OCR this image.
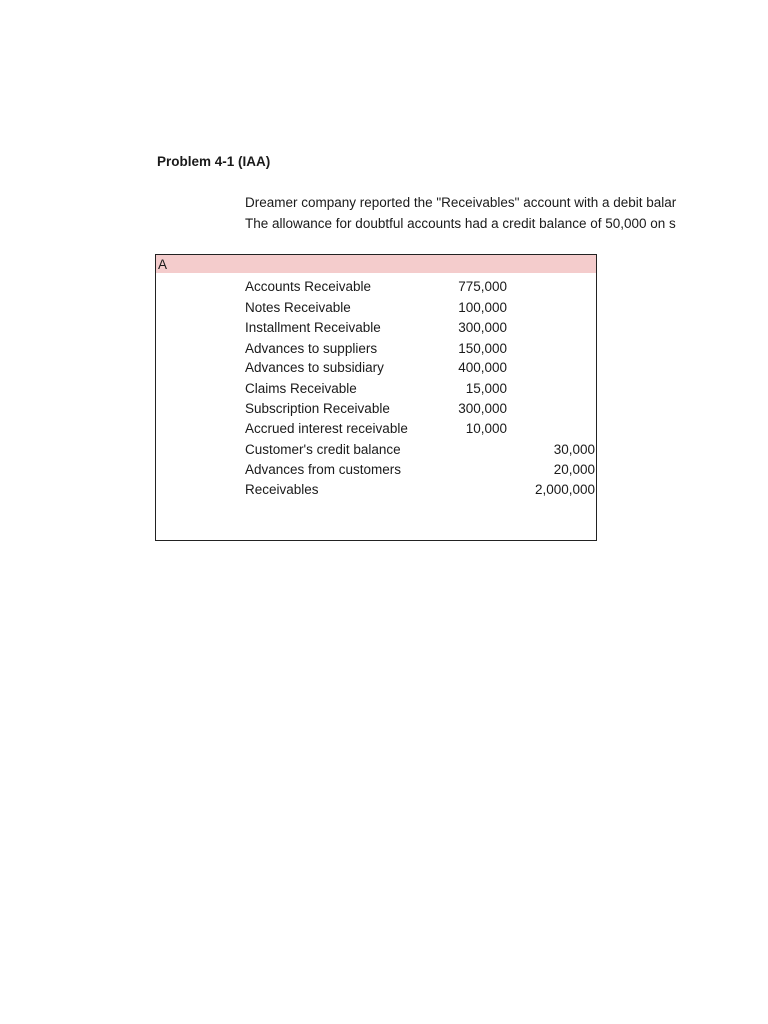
Problem 4-1 (IAA)
Dreamer company reported the "Receivables" account with a debit balar
The allowance for doubtful accounts had a credit balance of 50,000 on s
A
Accounts Receivable	775,000
Notes Receivable	100,000
Installment Receivable	300,000
Advances to suppliers	150,000
Advances to subsidiary	400,000
Claims Receivable	15,000
Subscription Receivable	300,000
Accrued interest receivable	10,000
Customer's credit balance	30,000
Advances from customers	20,000
Receivables	2,000,000
